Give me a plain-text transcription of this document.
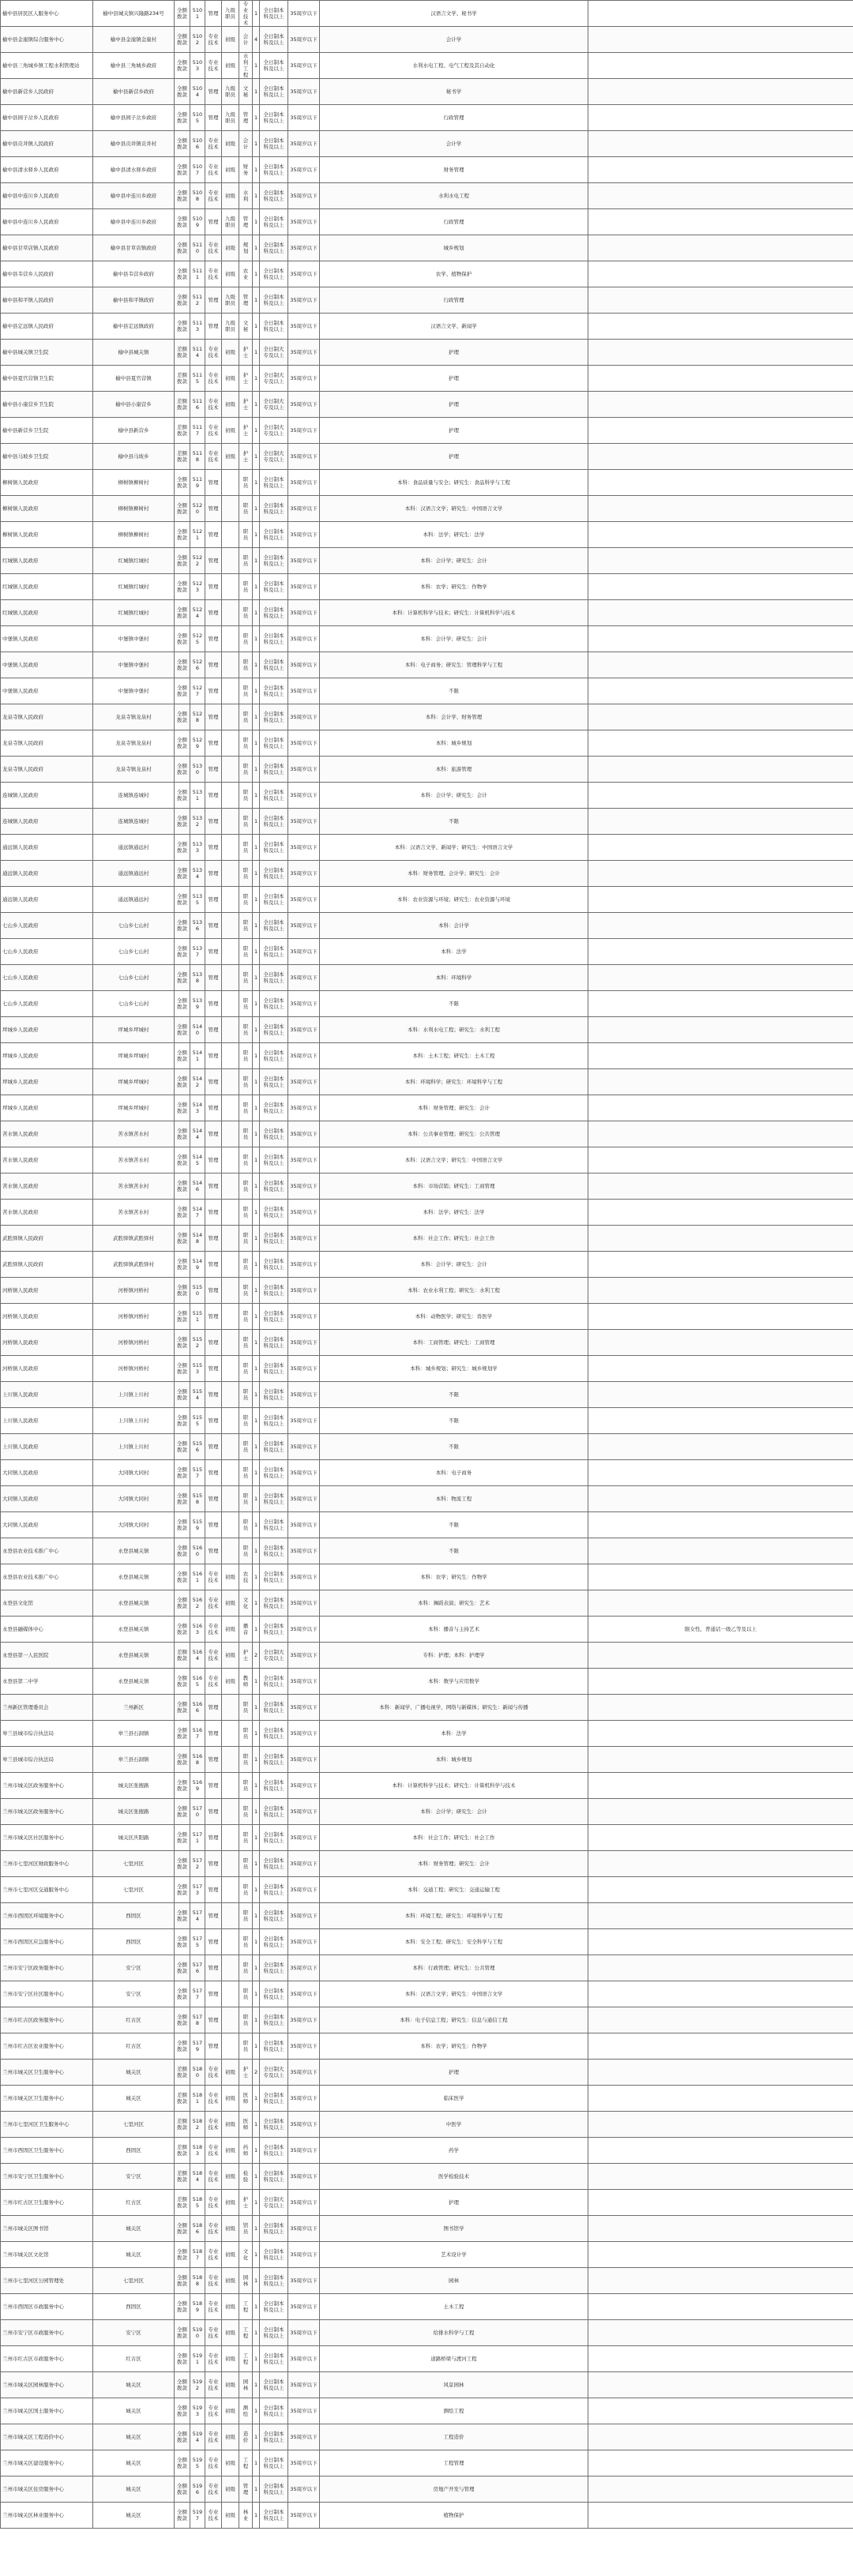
榆中县居民区人服务中心	榆中县城关镇兴隆路234号	全额拨款	5101	管理	九级职员	专业技术	1	全日制本科及以上	35周岁以下	汉语言文学、秘书学	
榆中县金崖镇综合服务中心	榆中县金崖镇金崖村	全额拨款	5102	专业技术	初级	会计	4	全日制本科及以上	35周岁以下	会计学	
榆中县三角城乡镇工程水利管理站	榆中县三角城乡政府	全额拨款	5103	专业技术	初级	水利工程	1	全日制本科及以上	35周岁以下	水利水电工程、电气工程及其自动化	
榆中县新营乡人民政府	榆中县新营乡政府	全额拨款	5104	管理	九级职员	文秘	1	全日制本科及以上	35周岁以下	秘书学	
榆中县园子岔乡人民政府	榆中县园子岔乡政府	全额拨款	5105	管理	九级职员	管理	1	全日制本科及以上	35周岁以下	行政管理	
榆中县贡井镇人民政府	榆中县贡井镇贡井村	全额拨款	5106	专业技术	初级	会计	1	全日制本科及以上	35周岁以下	会计学	
榆中县清水驿乡人民政府	榆中县清水驿乡政府	全额拨款	5107	专业技术	初级	财务	1	全日制本科及以上	35周岁以下	财务管理	
榆中县中连川乡人民政府	榆中县中连川乡政府	全额拨款	5108	专业技术	初级	水利	1	全日制本科及以上	35周岁以下	水利水电工程	
榆中县中连川乡人民政府	榆中县中连川乡政府	全额拨款	5109	管理	九级职员	管理	1	全日制本科及以上	35周岁以下	行政管理	
榆中县甘草店镇人民政府	榆中县甘草店镇政府	全额拨款	5110	专业技术	初级	规划	1	全日制本科及以上	35周岁以下	城乡规划	
榆中县韦营乡人民政府	榆中县韦营乡政府	全额拨款	5111	专业技术	初级	农业	1	全日制本科及以上	35周岁以下	农学、植物保护	
榆中县和平镇人民政府	榆中县和平镇政府	全额拨款	5112	管理	九级职员	管理	1	全日制本科及以上	35周岁以下	行政管理	
榆中县定远镇人民政府	榆中县定远镇政府	全额拨款	5113	管理	九级职员	文秘	1	全日制本科及以上	35周岁以下	汉语言文学、新闻学	
榆中县城关镇卫生院	榆中县城关镇	差额拨款	5114	专业技术	初级	护士	1	全日制大专及以上	35周岁以下	护理	
榆中县夏官营镇卫生院	榆中县夏官营镇	差额拨款	5115	专业技术	初级	护士	1	全日制大专及以上	35周岁以下	护理	
榆中县小康营乡卫生院	榆中县小康营乡	差额拨款	5116	专业技术	初级	护士	1	全日制大专及以上	35周岁以下	护理	
榆中县新营乡卫生院	榆中县新营乡	差额拨款	5117	专业技术	初级	护士	1	全日制大专及以上	35周岁以下	护理	
榆中县马坡乡卫生院	榆中县马坡乡	差额拨款	5118	专业技术	初级	护士	1	全日制大专及以上	35周岁以下	护理	
柳树镇人民政府	柳树镇柳树村	全额拨款	5119	管理		职员	1	全日制本科及以上	35周岁以下	本科：食品质量与安全；研究生：食品科学与工程	
柳树镇人民政府	柳树镇柳树村	全额拨款	5120	管理		职员	1	全日制本科及以上	35周岁以下	本科：汉语言文学；研究生：中国语言文学	
柳树镇人民政府	柳树镇柳树村	全额拨款	5121	管理		职员	1	全日制本科及以上	35周岁以下	本科：法学；研究生：法学	
红城镇人民政府	红城镇红城村	全额拨款	5122	管理		职员	1	全日制本科及以上	35周岁以下	本科：会计学；研究生：会计	
红城镇人民政府	红城镇红城村	全额拨款	5123	管理		职员	1	全日制本科及以上	35周岁以下	本科：农学；研究生：作物学	
红城镇人民政府	红城镇红城村	全额拨款	5124	管理		职员	1	全日制本科及以上	35周岁以下	本科：计算机科学与技术；研究生：计算机科学与技术	
中堡镇人民政府	中堡镇中堡村	全额拨款	5125	管理		职员	1	全日制本科及以上	35周岁以下	本科：会计学；研究生：会计	
中堡镇人民政府	中堡镇中堡村	全额拨款	5126	管理		职员	1	全日制本科及以上	35周岁以下	本科：电子商务；研究生：管理科学与工程	
中堡镇人民政府	中堡镇中堡村	全额拨款	5127	管理		职员	1	全日制本科及以上	35周岁以下	不限	
龙泉寺镇人民政府	龙泉寺镇龙泉村	全额拨款	5128	管理		职员	1	全日制本科及以上	35周岁以下	本科：会计学、财务管理	
龙泉寺镇人民政府	龙泉寺镇龙泉村	全额拨款	5129	管理		职员	1	全日制本科及以上	35周岁以下	本科：城乡规划	
龙泉寺镇人民政府	龙泉寺镇龙泉村	全额拨款	5130	管理		职员	1	全日制本科及以上	35周岁以下	本科：旅游管理	
连城镇人民政府	连城镇连城村	全额拨款	5131	管理		职员	1	全日制本科及以上	35周岁以下	本科：会计学；研究生：会计	
连城镇人民政府	连城镇连城村	全额拨款	5132	管理		职员	1	全日制本科及以上	35周岁以下	不限	
通远镇人民政府	通远镇通远村	全额拨款	5133	管理		职员	1	全日制本科及以上	35周岁以下	本科：汉语言文学、新闻学；研究生：中国语言文学	
通远镇人民政府	通远镇通远村	全额拨款	5134	管理		职员	1	全日制本科及以上	35周岁以下	本科：财务管理、会计学；研究生：会计	
通远镇人民政府	通远镇通远村	全额拨款	5135	管理		职员	1	全日制本科及以上	35周岁以下	本科：农业资源与环境；研究生：农业资源与环境	
七山乡人民政府	七山乡七山村	全额拨款	5136	管理		职员	1	全日制本科及以上	35周岁以下	本科：会计学	
七山乡人民政府	七山乡七山村	全额拨款	5137	管理		职员	1	全日制本科及以上	35周岁以下	本科：法学	
七山乡人民政府	七山乡七山村	全额拨款	5138	管理		职员	1	全日制本科及以上	35周岁以下	本科：环境科学	
七山乡人民政府	七山乡七山村	全额拨款	5139	管理		职员	1	全日制本科及以上	35周岁以下	不限	
坪城乡人民政府	坪城乡坪城村	全额拨款	5140	管理		职员	1	全日制本科及以上	35周岁以下	本科：水利水电工程；研究生：水利工程	
坪城乡人民政府	坪城乡坪城村	全额拨款	5141	管理		职员	1	全日制本科及以上	35周岁以下	本科：土木工程；研究生：土木工程	
坪城乡人民政府	坪城乡坪城村	全额拨款	5142	管理		职员	1	全日制本科及以上	35周岁以下	本科：环境科学；研究生：环境科学与工程	
坪城乡人民政府	坪城乡坪城村	全额拨款	5143	管理		职员	1	全日制本科及以上	35周岁以下	本科：财务管理；研究生：会计	
苦水镇人民政府	苦水镇苦水村	全额拨款	5144	管理		职员	1	全日制本科及以上	35周岁以下	本科：公共事业管理；研究生：公共管理	
苦水镇人民政府	苦水镇苦水村	全额拨款	5145	管理		职员	1	全日制本科及以上	35周岁以下	本科：汉语言文学；研究生：中国语言文学	
苦水镇人民政府	苦水镇苦水村	全额拨款	5146	管理		职员	1	全日制本科及以上	35周岁以下	本科：市场营销；研究生：工商管理	
苦水镇人民政府	苦水镇苦水村	全额拨款	5147	管理		职员	1	全日制本科及以上	35周岁以下	本科：法学；研究生：法学	
武胜驿镇人民政府	武胜驿镇武胜驿村	全额拨款	5148	管理		职员	1	全日制本科及以上	35周岁以下	本科：社会工作；研究生：社会工作	
武胜驿镇人民政府	武胜驿镇武胜驿村	全额拨款	5149	管理		职员	1	全日制本科及以上	35周岁以下	本科：会计学；研究生：会计	
河桥镇人民政府	河桥镇河桥村	全额拨款	5150	管理		职员	1	全日制本科及以上	35周岁以下	本科：农业水利工程；研究生：水利工程	
河桥镇人民政府	河桥镇河桥村	全额拨款	5151	管理		职员	1	全日制本科及以上	35周岁以下	本科：动物医学；研究生：兽医学	
河桥镇人民政府	河桥镇河桥村	全额拨款	5152	管理		职员	1	全日制本科及以上	35周岁以下	本科：工商管理；研究生：工商管理	
河桥镇人民政府	河桥镇河桥村	全额拨款	5153	管理		职员	1	全日制本科及以上	35周岁以下	本科：城乡规划；研究生：城乡规划学	
上川镇人民政府	上川镇上川村	全额拨款	5154	管理		职员	1	全日制本科及以上	35周岁以下	不限	
上川镇人民政府	上川镇上川村	全额拨款	5155	管理		职员	1	全日制本科及以上	35周岁以下	不限	
上川镇人民政府	上川镇上川村	全额拨款	5156	管理		职员	1	全日制本科及以上	35周岁以下	不限	
大同镇人民政府	大同镇大同村	全额拨款	5157	管理		职员	1	全日制本科及以上	35周岁以下	本科：电子商务	
大同镇人民政府	大同镇大同村	全额拨款	5158	管理		职员	1	全日制本科及以上	35周岁以下	本科：物流工程	
大同镇人民政府	大同镇大同村	全额拨款	5159	管理		职员	1	全日制本科及以上	35周岁以下	不限	
永登县农业技术推广中心	永登县城关镇	全额拨款	5160	管理		职员	1	全日制本科及以上	35周岁以下	不限	
永登县农业技术推广中心	永登县城关镇	全额拨款	5161	专业技术	初级	农技	1	全日制本科及以上	35周岁以下	本科：农学；研究生：作物学	
永登县文化馆	永登县城关镇	全额拨款	5162	专业技术	初级	文化	1	全日制本科及以上	35周岁以下	本科：舞蹈表演；研究生：艺术	
永登县融媒体中心	永登县城关镇	全额拨款	5163	专业技术	初级	播音	1	全日制本科及以上	35周岁以下	本科：播音与主持艺术	限女性，普通话一级乙等及以上
永登县第一人民医院	永登县城关镇	差额拨款	5164	专业技术	初级	护士	2	全日制大专及以上	35周岁以下	专科：护理；本科：护理学	
永登县第二中学	永登县城关镇	全额拨款	5165	专业技术	初级	教师	1	全日制本科及以上	35周岁以下	本科：数学与应用数学	
兰州新区管理委员会	兰州新区	全额拨款	5166	管理		职员	1	全日制本科及以上	35周岁以下	本科：新闻学、广播电视学、网络与新媒体；研究生：新闻与传播	
皋兰县城市综合执法局	皋兰县石洞镇	全额拨款	5167	管理		职员	1	全日制本科及以上	35周岁以下	本科：法学	
皋兰县城市综合执法局	皋兰县石洞镇	全额拨款	5168	管理		职员	1	全日制本科及以上	35周岁以下	本科：城乡规划	
兰州市城关区政务服务中心	城关区张掖路	全额拨款	5169	管理		职员	1	全日制本科及以上	35周岁以下	本科：计算机科学与技术；研究生：计算机科学与技术	
兰州市城关区政务服务中心	城关区张掖路	全额拨款	5170	管理		职员	1	全日制本科及以上	35周岁以下	本科：会计学；研究生：会计	
兰州市城关区社区服务中心	城关区庆阳路	全额拨款	5171	管理		职员	1	全日制本科及以上	35周岁以下	本科：社会工作；研究生：社会工作	
兰州市七里河区财政服务中心	七里河区	全额拨款	5172	管理		职员	1	全日制本科及以上	35周岁以下	本科：财务管理；研究生：会计	
兰州市七里河区交通服务中心	七里河区	全额拨款	5173	管理		职员	1	全日制本科及以上	35周岁以下	本科：交通工程；研究生：交通运输工程	
兰州市西固区环境服务中心	西固区	全额拨款	5174	管理		职员	1	全日制本科及以上	35周岁以下	本科：环境工程；研究生：环境科学与工程	
兰州市西固区应急服务中心	西固区	全额拨款	5175	管理		职员	1	全日制本科及以上	35周岁以下	本科：安全工程；研究生：安全科学与工程	
兰州市安宁区政务服务中心	安宁区	全额拨款	5176	管理		职员	1	全日制本科及以上	35周岁以下	本科：行政管理；研究生：公共管理	
兰州市安宁区社区服务中心	安宁区	全额拨款	5177	管理		职员	1	全日制本科及以上	35周岁以下	本科：汉语言文学；研究生：中国语言文学	
兰州市红古区政务服务中心	红古区	全额拨款	5178	管理		职员	1	全日制本科及以上	35周岁以下	本科：电子信息工程；研究生：信息与通信工程	
兰州市红古区农业服务中心	红古区	全额拨款	5179	管理		职员	1	全日制本科及以上	35周岁以下	本科：农学；研究生：作物学	
兰州市城关区卫生服务中心	城关区	差额拨款	5180	专业技术	初级	护士	2	全日制大专及以上	35周岁以下	护理	
兰州市城关区卫生服务中心	城关区	差额拨款	5181	专业技术	初级	医师	1	全日制本科及以上	35周岁以下	临床医学	
兰州市七里河区卫生服务中心	七里河区	差额拨款	5182	专业技术	初级	医师	1	全日制本科及以上	35周岁以下	中医学	
兰州市西固区卫生服务中心	西固区	差额拨款	5183	专业技术	初级	药师	1	全日制本科及以上	35周岁以下	药学	
兰州市安宁区卫生服务中心	安宁区	差额拨款	5184	专业技术	初级	检验	1	全日制本科及以上	35周岁以下	医学检验技术	
兰州市红古区卫生服务中心	红古区	差额拨款	5185	专业技术	初级	护士	1	全日制大专及以上	35周岁以下	护理	
兰州市城关区图书馆	城关区	全额拨款	5186	专业技术	初级	馆员	1	全日制本科及以上	35周岁以下	图书馆学	
兰州市城关区文化馆	城关区	全额拨款	5187	专业技术	初级	文化	1	全日制本科及以上	35周岁以下	艺术设计学	
兰州市七里河区公园管理处	七里河区	全额拨款	5188	专业技术	初级	园林	1	全日制本科及以上	35周岁以下	园林	
兰州市西固区市政服务中心	西固区	全额拨款	5189	专业技术	初级	工程	1	全日制本科及以上	35周岁以下	土木工程	
兰州市安宁区市政服务中心	安宁区	全额拨款	5190	专业技术	初级	工程	1	全日制本科及以上	35周岁以下	给排水科学与工程	
兰州市红古区市政服务中心	红古区	全额拨款	5191	专业技术	初级	工程	1	全日制本科及以上	35周岁以下	道路桥梁与渡河工程	
兰州市城关区园林服务中心	城关区	全额拨款	5192	专业技术	初级	园林	1	全日制本科及以上	35周岁以下	风景园林	
兰州市城关区国土服务中心	城关区	全额拨款	5193	专业技术	初级	测绘	1	全日制本科及以上	35周岁以下	测绘工程	
兰州市城关区工程造价中心	城关区	全额拨款	5194	专业技术	初级	造价	1	全日制本科及以上	35周岁以下	工程造价	
兰州市城关区建设服务中心	城关区	全额拨款	5195	专业技术	初级	工程	1	全日制本科及以上	35周岁以下	工程管理	
兰州市城关区住房服务中心	城关区	全额拨款	5196	专业技术	初级	管理	1	全日制本科及以上	35周岁以下	房地产开发与管理	
兰州市城关区林业服务中心	城关区	全额拨款	5197	专业技术	初级	林业	1	全日制本科及以上	35周岁以下	植物保护	
